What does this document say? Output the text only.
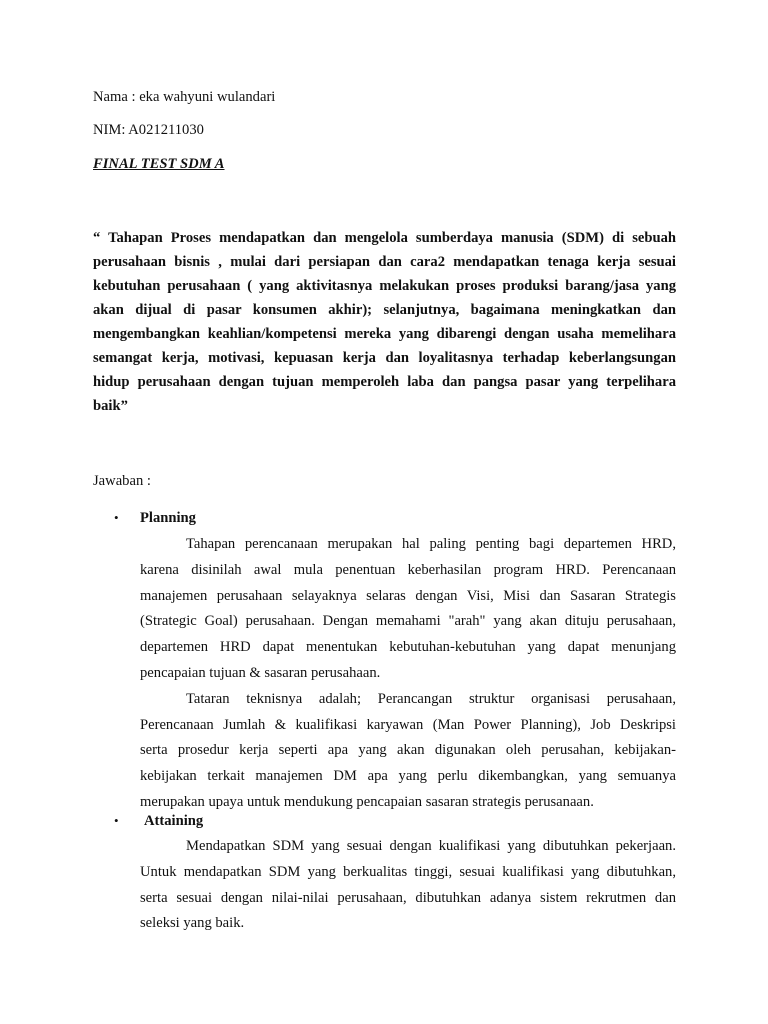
Nama : eka wahyuni wulandari
NIM: A021211030
FINAL TEST SDM A
“ Tahapan Proses mendapatkan dan mengelola sumberdaya manusia (SDM) di sebuah
perusahaan bisnis , mulai dari persiapan dan cara2 mendapatkan tenaga kerja sesuai
kebutuhan perusahaan ( yang aktivitasnya melakukan proses produksi barang/jasa yang
akan dijual di pasar konsumen akhir); selanjutnya, bagaimana meningkatkan dan
mengembangkan keahlian/kompetensi mereka yang dibarengi dengan usaha memelihara
semangat kerja, motivasi, kepuasan kerja dan loyalitasnya terhadap keberlangsungan
hidup perusahaan dengan tujuan memperoleh laba dan pangsa pasar yang terpelihara
baik”
Jawaban :
• Planning
Tahapan perencanaan merupakan hal paling penting bagi departemen HRD,
karena disinilah awal mula penentuan keberhasilan program HRD. Perencanaan
manajemen perusahaan selayaknya selaras dengan Visi, Misi dan Sasaran Strategis
(Strategic Goal) perusahaan. Dengan memahami "arah" yang akan dituju perusahaan,
departemen HRD dapat menentukan kebutuhan-kebutuhan yang dapat menunjang
pencapaian tujuan & sasaran perusahaan.
Tataran teknisnya adalah; Perancangan struktur organisasi perusahaan,
Perencanaan Jumlah & kualifikasi karyawan (Man Power Planning), Job Deskripsi
serta prosedur kerja seperti apa yang akan digunakan oleh perusahan, kebijakan-
kebijakan terkait manajemen DM apa yang perlu dikembangkan, yang semuanya
merupakan upaya untuk mendukung pencapaian sasaran strategis perusanaan.
• Attaining
Mendapatkan SDM yang sesuai dengan kualifikasi yang dibutuhkan pekerjaan.
Untuk mendapatkan SDM yang berkualitas tinggi, sesuai kualifikasi yang dibutuhkan,
serta sesuai dengan nilai-nilai perusahaan, dibutuhkan adanya sistem rekrutmen dan
seleksi yang baik.
